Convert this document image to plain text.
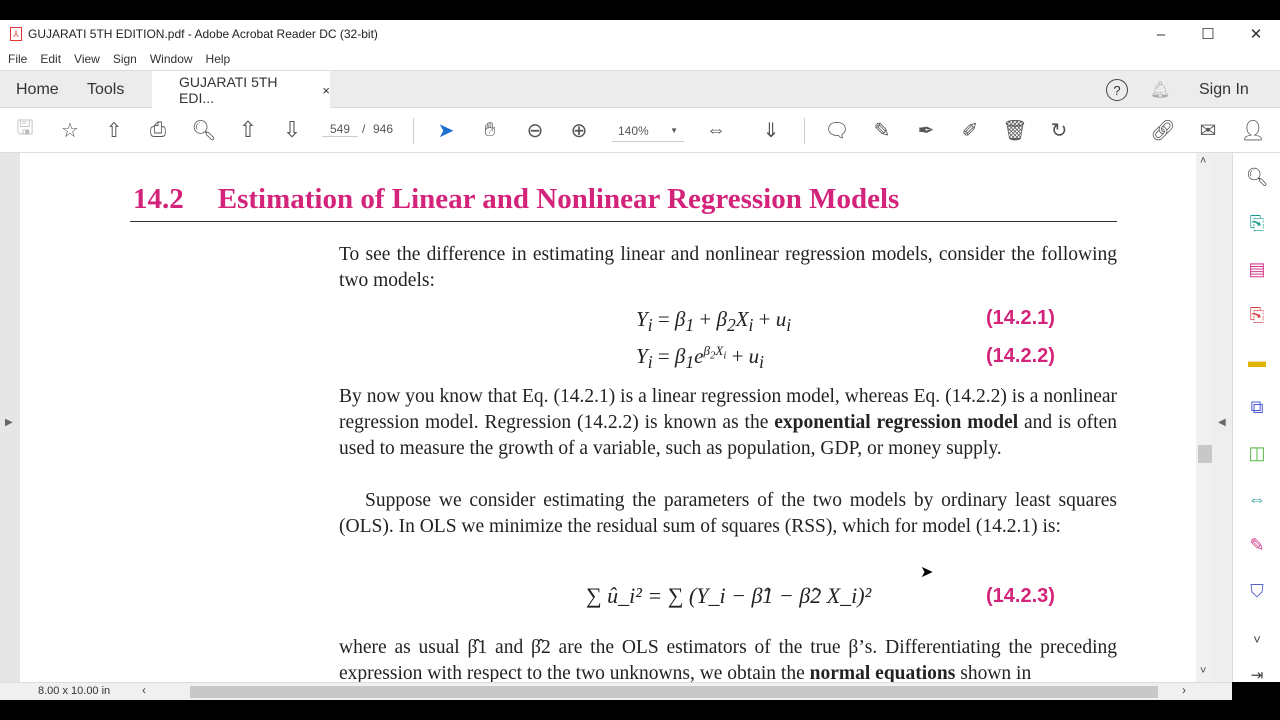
⅄ GUJARATI 5TH EDITION.pdf - Adobe Acrobat Reader DC (32-bit)	–	☐	✕
File Edit View Sign Window Help
Home Tools	GUJARATI 5TH EDI...	×	?	🔔︎ Sign In
🖫 ☆ ⇧ ⎙ 🔍︎ ⇧ ⇩	549 / 946 ➤	✋︎	⊖ ⊕	140%	▼ ⇔ ⇓ 🗨︎ ✎ ✒︎ ✐ 🗑︎ ↻	🔗︎ ✉ 👤︎
▶
14.2 Estimation of Linear and Nonlinear Regression Models
To see the difference in estimating linear and nonlinear regression models, consider the following two models:
$Y_i = \beta_1 + \beta_2X_i + u_i$	(14.2.1)
$Y_i = \beta_1e^{\beta_2X_i} + u_i$	(14.2.2)
By now you know that Eq. (14.2.1) is a linear regression model, whereas Eq. (14.2.2) is a nonlinear regression model. Regression (14.2.2) is known as the exponential regression model and is often used to measure the growth of a variable, such as population, GDP, or money supply.
Suppose we consider estimating the parameters of the two models by ordinary least squares (OLS). In OLS we minimize the residual sum of squares (RSS), which for model (14.2.1) is:
∑ û_i² = ∑ (Y_i − β̂1 − β̂2 X_i)²	(14.2.3)
where as usual β̂1 and β̂2 are the OLS estimators of the true β’s. Differentiating the preceding expression with respect to the two unknowns, we obtain the normal equations shown in
˄
˅
◀
🔍︎
⎘
▤
⎘
▬
⧉
◫
⇔
✎
⛉
˅
⇥
8.00 x 10.00 in	‹	›
➤
